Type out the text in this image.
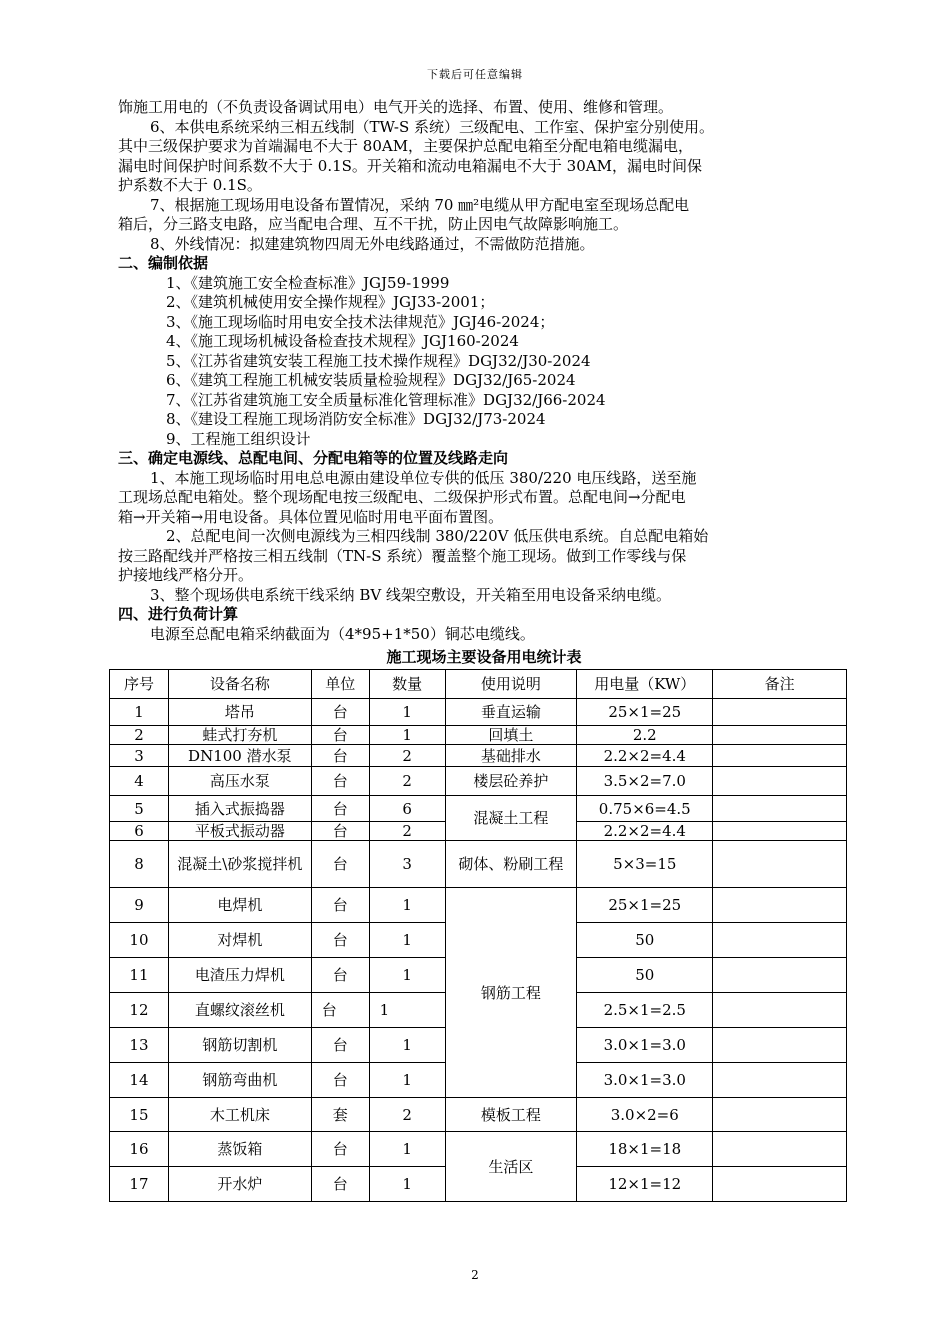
下载后可任意编辑
饰施工用电的（不负责设备调试用电）电气开关的选择、布置、使用、维修和管理。
6、本供电系统采纳三相五线制（TW-S 系统）三级配电、工作室、保护室分别使用。
其中三级保护要求为首端漏电不大于 80AM，主要保护总配电箱至分配电箱电缆漏电，
漏电时间保护时间系数不大于 0.1S。开关箱和流动电箱漏电不大于 30AM，漏电时间保
护系数不大于 0.1S。
7、根据施工现场用电设备布置情况，采纳 70 ㎜²电缆从甲方配电室至现场总配电
箱后，分三路支电路，应当配电合理、互不干扰，防止因电气故障影响施工。
8、外线情况：拟建建筑物四周无外电线路通过，不需做防范措施。
二、编制依据
1、《建筑施工安全检查标准》JGJ59-1999
2、《建筑机械使用安全操作规程》JGJ33-2001；
3、《施工现场临时用电安全技术法律规范》JGJ46-2024；
4、《施工现场机械设备检查技术规程》JGJ160-2024
5、《江苏省建筑安装工程施工技术操作规程》DGJ32/J30-2024
6、《建筑工程施工机械安装质量检验规程》DGJ32/J65-2024
7、《江苏省建筑施工安全质量标准化管理标准》DGJ32/J66-2024
8、《建设工程施工现场消防安全标准》DGJ32/J73-2024
9、工程施工组织设计
三、确定电源线、总配电间、分配电箱等的位置及线路走向
1、本施工现场临时用电总电源由建设单位专供的低压 380/220 电压线路，送至施
工现场总配电箱处。整个现场配电按三级配电、二级保护形式布置。总配电间→分配电
箱→开关箱→用电设备。具体位置见临时用电平面布置图。
2、总配电间一次侧电源线为三相四线制 380/220V 低压供电系统。自总配电箱始
按三路配线并严格按三相五线制（TN-S 系统）覆盖整个施工现场。做到工作零线与保
护接地线严格分开。
3、整个现场供电系统干线采纳 BV 线架空敷设，开关箱至用电设备采纳电缆。
四、进行负荷计算
电源至总配电箱采纳截面为（4*95+1*50）铜芯电缆线。
施工现场主要设备用电统计表
序号	设备名称	单位	数量	使用说明	用电量（KW）	备注
1	塔吊	台	1	垂直运输	25×1=25	
2	蛙式打夯机	台	1	回填土	2.2	
3	DN100 潜水泵	台	2	基础排水	2.2×2=4.4	
4	高压水泵	台	2	楼层砼养护	3.5×2=7.0	
5	插入式振捣器	台	6	混凝土工程	0.75×6=4.5	
6	平板式振动器	台	2		2.2×2=4.4	
8	混凝土\砂浆搅拌机	台	3	砌体、粉刷工程	5×3=15	
9	电焊机	台	1	钢筋工程	25×1=25	
10	对焊机	台	1		50	
11	电渣压力焊机	台	1		50	
12	直螺纹滚丝机	台	1		2.5×1=2.5	
13	钢筋切割机	台	1		3.0×1=3.0	
14	钢筋弯曲机	台	1		3.0×1=3.0	
15	木工机床	套	2	模板工程	3.0×2=6	
16	蒸饭箱	台	1	生活区	18×1=18	
17	开水炉	台	1		12×1=12	
2
